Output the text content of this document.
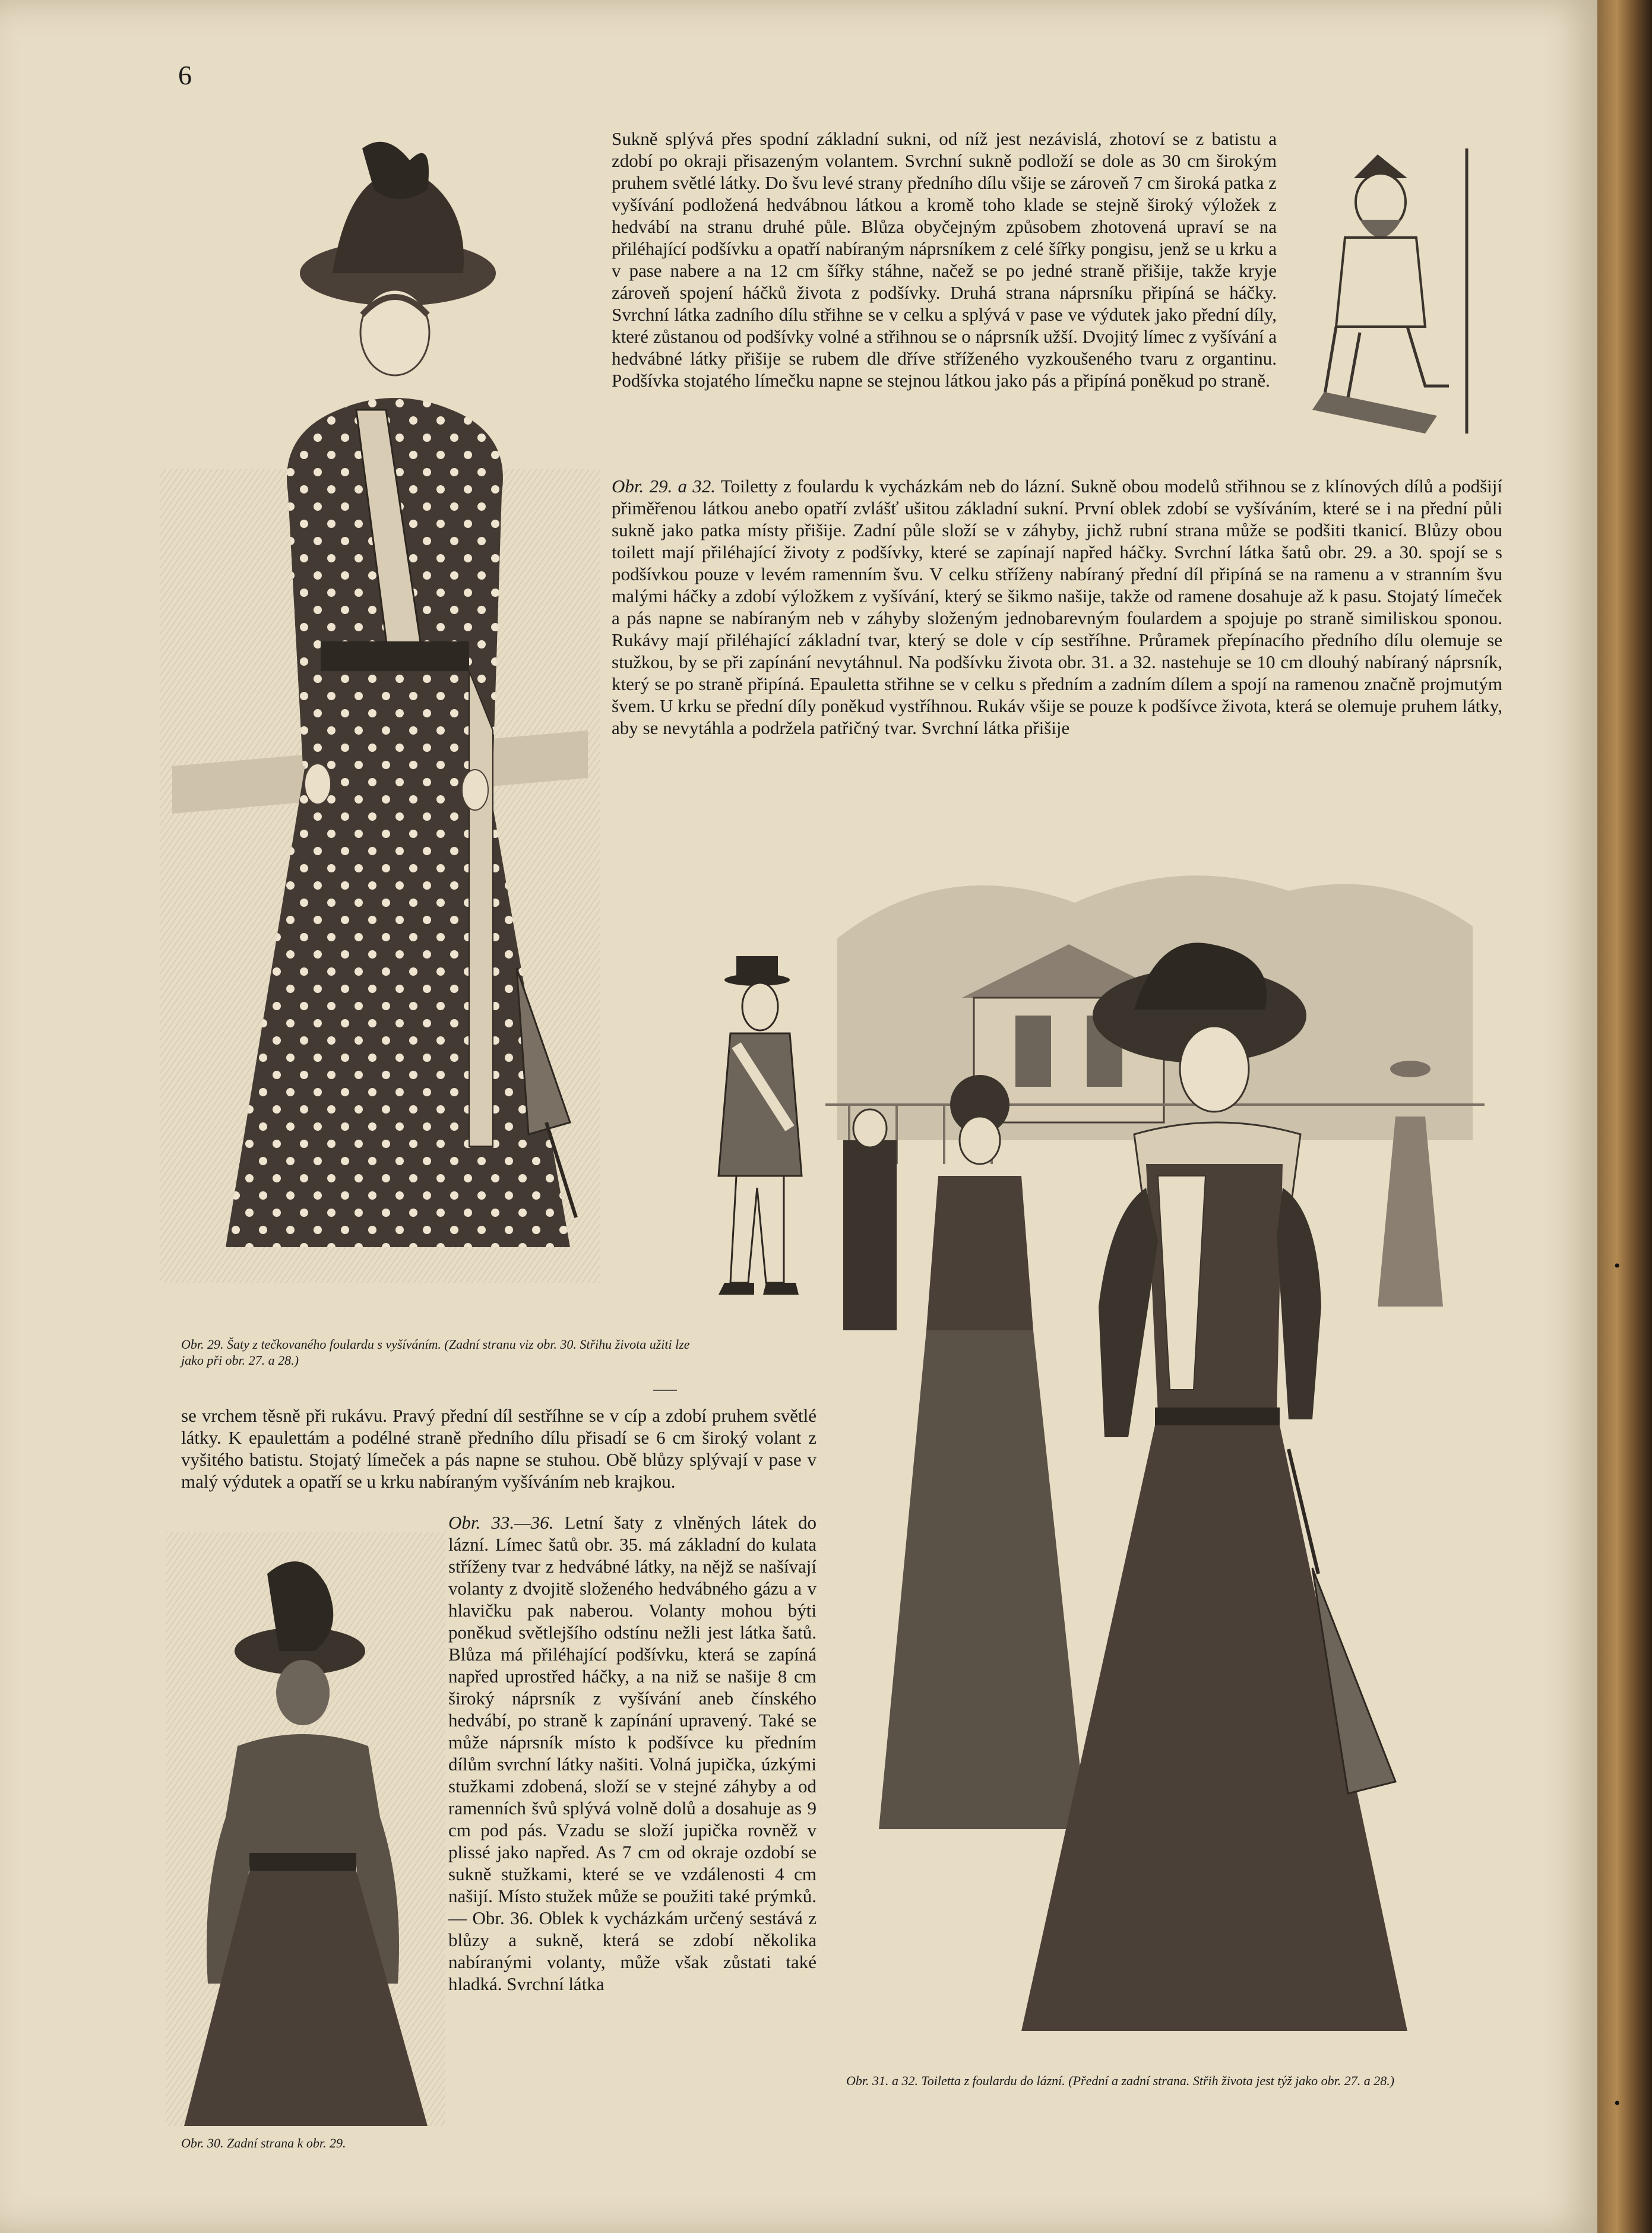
6

Sukně splývá přes spodní základní sukni, od níž jest nezávislá, zhotoví se z batistu a zdobí po okraji přisazeným volantem. Svrchní sukně podloží se dole as 30 cm širokým pruhem světlé látky. Do švu levé strany předního dílu všije se zároveň 7 cm široká patka z vyšívání podložená hedvábnou látkou a kromě toho klade se stejně široký výložek z hedvábí na stranu druhé půle. Blůza obyčejným způsobem zhotovená upraví se na přiléhající podšívku a opatří nabíraným náprsníkem z celé šířky pongisu, jenž se u krku a v pase nabere a na 12 cm šířky stáhne, načež se po jedné straně přišije, takže kryje zároveň spojení háčků života z podšívky. Druhá strana náprsníku připíná se háčky. Svrchní látka zadního dílu střihne se v celku a splývá v pase ve výdutek jako přední díly, které zůstanou od podšívky volné a střihnou se o náprsník užší. Dvojitý límec z vyšívání a hedvábné látky přišije se rubem dle dříve stříženého vyzkoušeného tvaru z organtinu. Podšívka stojatého límečku napne se stejnou látkou jako pás a připíná poněkud po straně.

Obr. 29. a 32. Toiletty z foulardu k vycházkám neb do lázní. Sukně obou modelů střihnou se z klínových dílů a podšijí přiměřenou látkou anebo opatří zvlášť ušitou základní sukní. První oblek zdobí se vyšíváním, které se i na přední půli sukně jako patka místy přišije. Zadní půle složí se v záhyby, jichž rubní strana může se podšiti tkanicí. Blůzy obou toilett mají přiléhající životy z podšívky, které se zapínají napřed háčky. Svrchní látka šatů obr. 29. a 30. spojí se s podšívkou pouze v levém ramenním švu. V celku stříženy nabíraný přední díl připíná se na ramenu a v stranním švu malými háčky a zdobí výložkem z vyšívání, který se šikmo našije, takže od ramene dosahuje až k pasu. Stojatý límeček a pás napne se nabíraným neb v záhyby složeným jednobarevným foulardem a spojuje po straně similiskou sponou. Rukávy mají přiléhající základní tvar, který se dole v cíp sestříhne. Průramek přepínacího předního dílu olemuje se stužkou, by se při zapínání nevytáhnul. Na podšívku života obr. 31. a 32. nastehuje se 10 cm dlouhý nabíraný náprsník, který se po straně připíná. Epauletta střihne se v celku s předním a zadním dílem a spojí na ramenou značně projmutým švem. U krku se přední díly poněkud vystříhnou. Rukáv všije se pouze k podšívce života, která se olemuje pruhem látky, aby se nevytáhla a podržela patřičný tvar. Svrchní látka přišije

Obr. 29. Šaty z tečkovaného foulardu s vyšíváním. (Zadní stranu viz obr. 30. Střihu života užiti lze jako při obr. 27. a 28.)

se vrchem těsně při rukávu. Pravý přední díl sestříhne se v cíp a zdobí pruhem světlé látky. K epaulettám a podélné straně předního dílu přisadí se 6 cm široký volant z vyšitého batistu. Stojatý límeček a pás napne se stuhou. Obě blůzy splývají v pase v malý výdutek a opatří se u krku nabíraným vyšíváním neb krajkou.

Obr. 33.—36. Letní šaty z vlněných látek do lázní. Límec šatů obr. 35. má základní do kulata stříženy tvar z hedvábné látky, na nějž se našívají volanty z dvojitě složeného hedvábného gázu a v hlavičku pak naberou. Volanty mohou býti poněkud světlejšího odstínu nežli jest látka šatů. Blůza má přiléhající podšívku, která se zapíná napřed uprostřed háčky, a na niž se našije 8 cm široký náprsník z vyšívání aneb čínského hedvábí, po straně k zapínání upravený. Také se může náprsník místo k podšívce ku předním dílům svrchní látky našiti. Volná jupička, úzkými stužkami zdobená, složí se v stejné záhyby a od ramenních švů splývá volně dolů a dosahuje as 9 cm pod pás. Vzadu se složí jupička rovněž v plissé jako napřed. As 7 cm od okraje ozdobí se sukně stužkami, které se ve vzdálenosti 4 cm našijí. Místo stužek může se použiti také prýmků. — Obr. 36. Oblek k vycházkám určený sestává z blůzy a sukně, která se zdobí několika nabíranými volanty, může však zůstati také hladká. Svrchní látka

Obr. 30. Zadní strana k obr. 29.

Obr. 31. a 32. Toiletta z foulardu do lázní. (Přední a zadní strana. Střih života jest týž jako obr. 27. a 28.)

•
•
